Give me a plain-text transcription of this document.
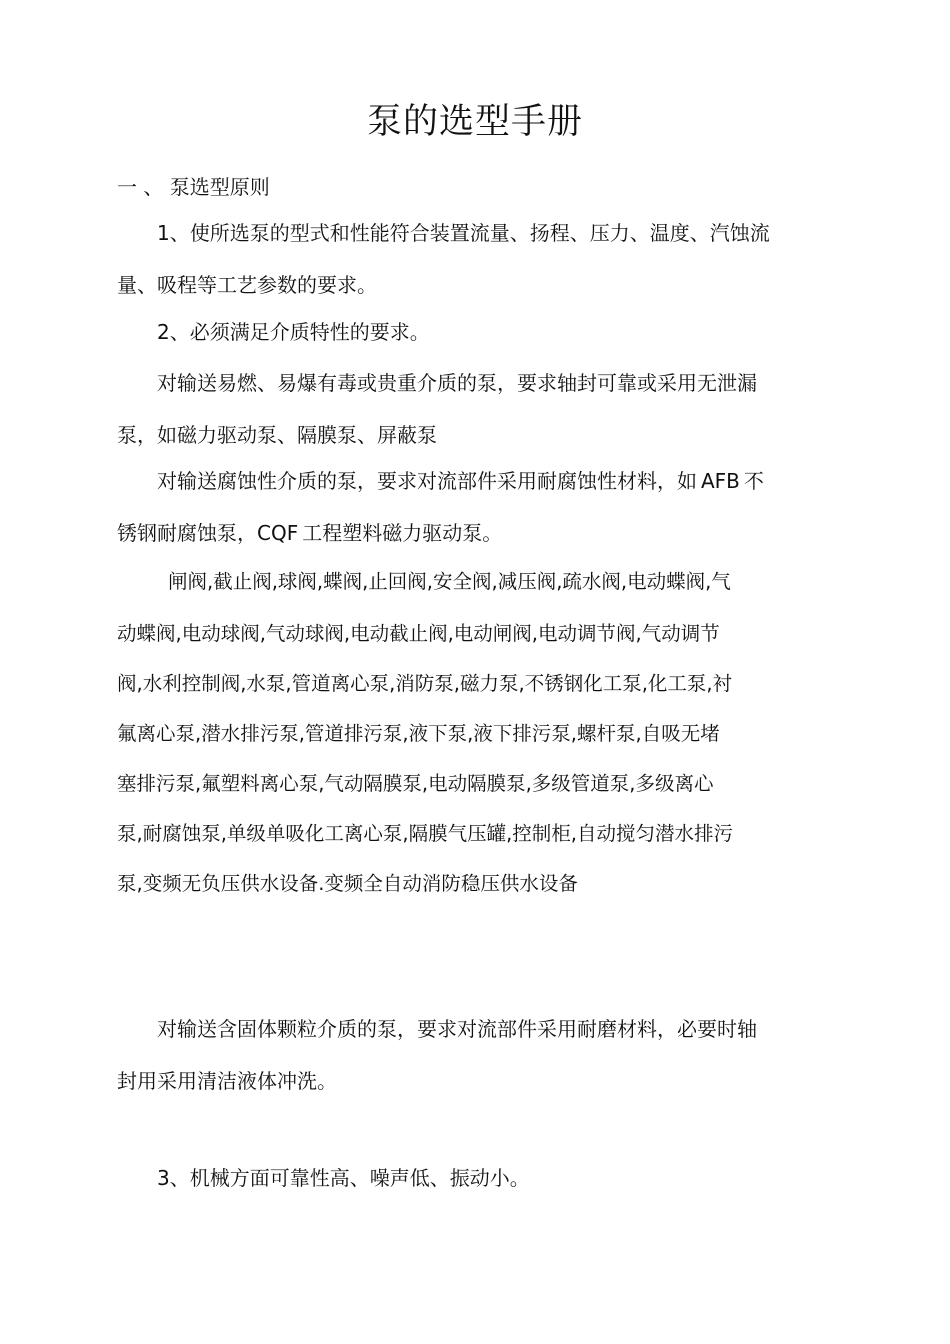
泵的选型手册
一 、 泵选型原则
1、使所选泵的型式和性能符合装置流量、扬程、压力、温度、汽蚀流
量、吸程等工艺参数的要求。
2、必须满足介质特性的要求。
对输送易燃、易爆有毒或贵重介质的泵，要求轴封可靠或采用无泄漏
泵，如磁力驱动泵、隔膜泵、屏蔽泵
对输送腐蚀性介质的泵，要求对流部件采用耐腐蚀性材料，如 AFB 不
锈钢耐腐蚀泵，CQF 工程塑料磁力驱动泵。
闸阀,截止阀,球阀,蝶阀,止回阀,安全阀,减压阀,疏水阀,电动蝶阀,气
动蝶阀,电动球阀,气动球阀,电动截止阀,电动闸阀,电动调节阀,气动调节
阀,水利控制阀,水泵,管道离心泵,消防泵,磁力泵,不锈钢化工泵,化工泵,衬
氟离心泵,潜水排污泵,管道排污泵,液下泵,液下排污泵,螺杆泵,自吸无堵
塞排污泵,氟塑料离心泵,气动隔膜泵,电动隔膜泵,多级管道泵,多级离心
泵,耐腐蚀泵,单级单吸化工离心泵,隔膜气压罐,控制柜,自动搅匀潜水排污
泵,变频无负压供水设备.变频全自动消防稳压供水设备
对输送含固体颗粒介质的泵，要求对流部件采用耐磨材料，必要时轴
封用采用清洁液体冲洗。
3、机械方面可靠性高、噪声低、振动小。
